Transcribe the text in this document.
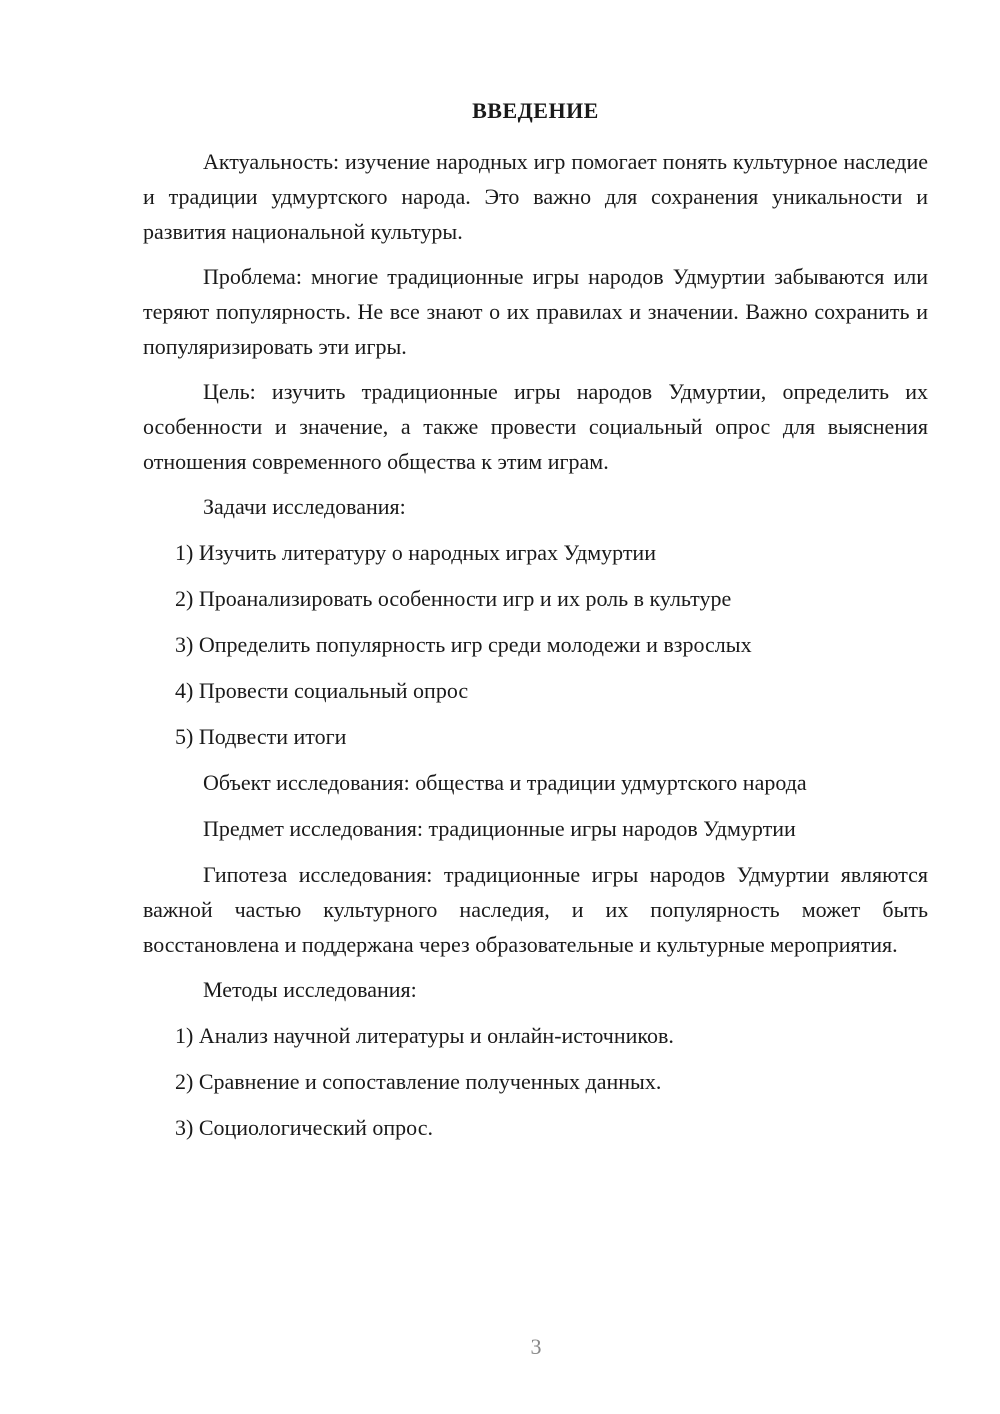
ВВЕДЕНИЕ

Актуальность: изучение народных игр помогает понять культурное наследие и традиции удмуртского народа. Это важно для сохранения уникальности и развития национальной культуры.

Проблема: многие традиционные игры народов Удмуртии забываются или теряют популярность. Не все знают о их правилах и значении. Важно сохранить и популяризировать эти игры.

Цель: изучить традиционные игры народов Удмуртии, определить их особенности и значение, а также провести социальный опрос для выяснения отношения современного общества к этим играм.

Задачи исследования:

1) Изучить литературу о народных играх Удмуртии
2) Проанализировать особенности игр и их роль в культуре
3) Определить популярность игр среди молодежи и взрослых
4) Провести социальный опрос
5) Подвести итоги

Объект исследования: общества и традиции удмуртского народа

Предмет исследования: традиционные игры народов Удмуртии

Гипотеза исследования: традиционные игры народов Удмуртии являются важной частью культурного наследия, и их популярность может быть восстановлена и поддержана через образовательные и культурные мероприятия.

Методы исследования:

1) Анализ научной литературы и онлайн-источников.
2) Сравнение и сопоставление полученных данных.
3) Социологический опрос.
3
